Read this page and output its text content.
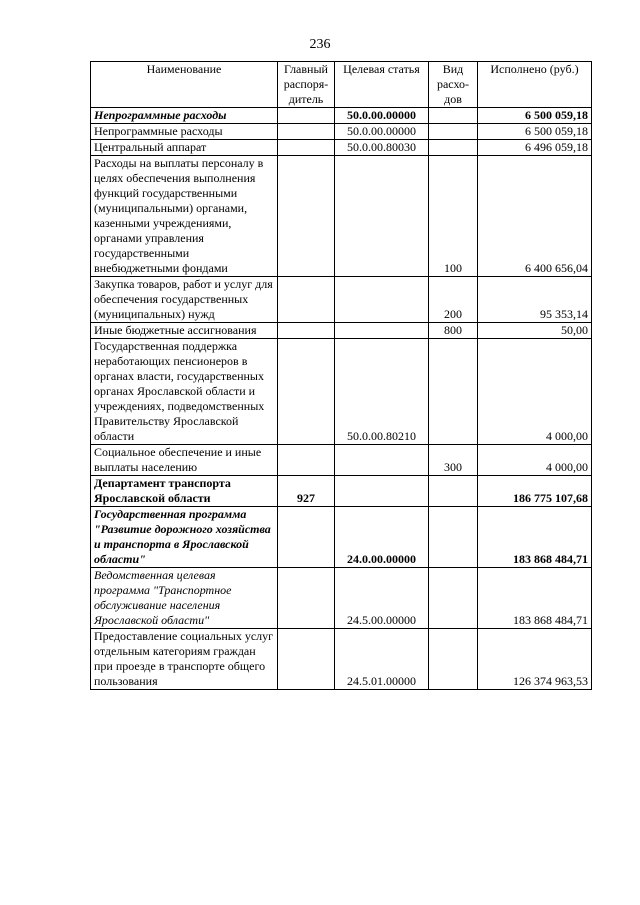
236
Наименование	Главный распоря-дитель	Целевая статья	Вид расхо-дов	Исполнено (руб.)
Непрограммные расходы		50.0.00.00000		6 500 059,18
Непрограммные расходы		50.0.00.00000		6 500 059,18
Центральный аппарат		50.0.00.80030		6 496 059,18
Расходы на выплаты персоналу в целях обеспечения выполнения функций государственными (муниципальными) органами, казенными учреждениями, органами управления государственными внебюджетными фондами			100	6 400 656,04
Закупка товаров, работ и услуг для обеспечения государственных (муниципальных) нужд			200	95 353,14
Иные бюджетные ассигнования			800	50,00
Государственная поддержка неработающих пенсионеров в органах власти, государственных органах Ярославской области и учреждениях, подведомственных Правительству Ярославской области		50.0.00.80210		4 000,00
Социальное обеспечение и иные выплаты населению			300	4 000,00
Департамент транспорта Ярославской области	927			186 775 107,68
Государственная программа "Развитие дорожного хозяйства и транспорта в Ярославской области"		24.0.00.00000		183 868 484,71
Ведомственная целевая программа "Транспортное обслуживание населения Ярославской области"		24.5.00.00000		183 868 484,71
Предоставление социальных услуг отдельным категориям граждан при проезде в транспорте общего пользования		24.5.01.00000		126 374 963,53
